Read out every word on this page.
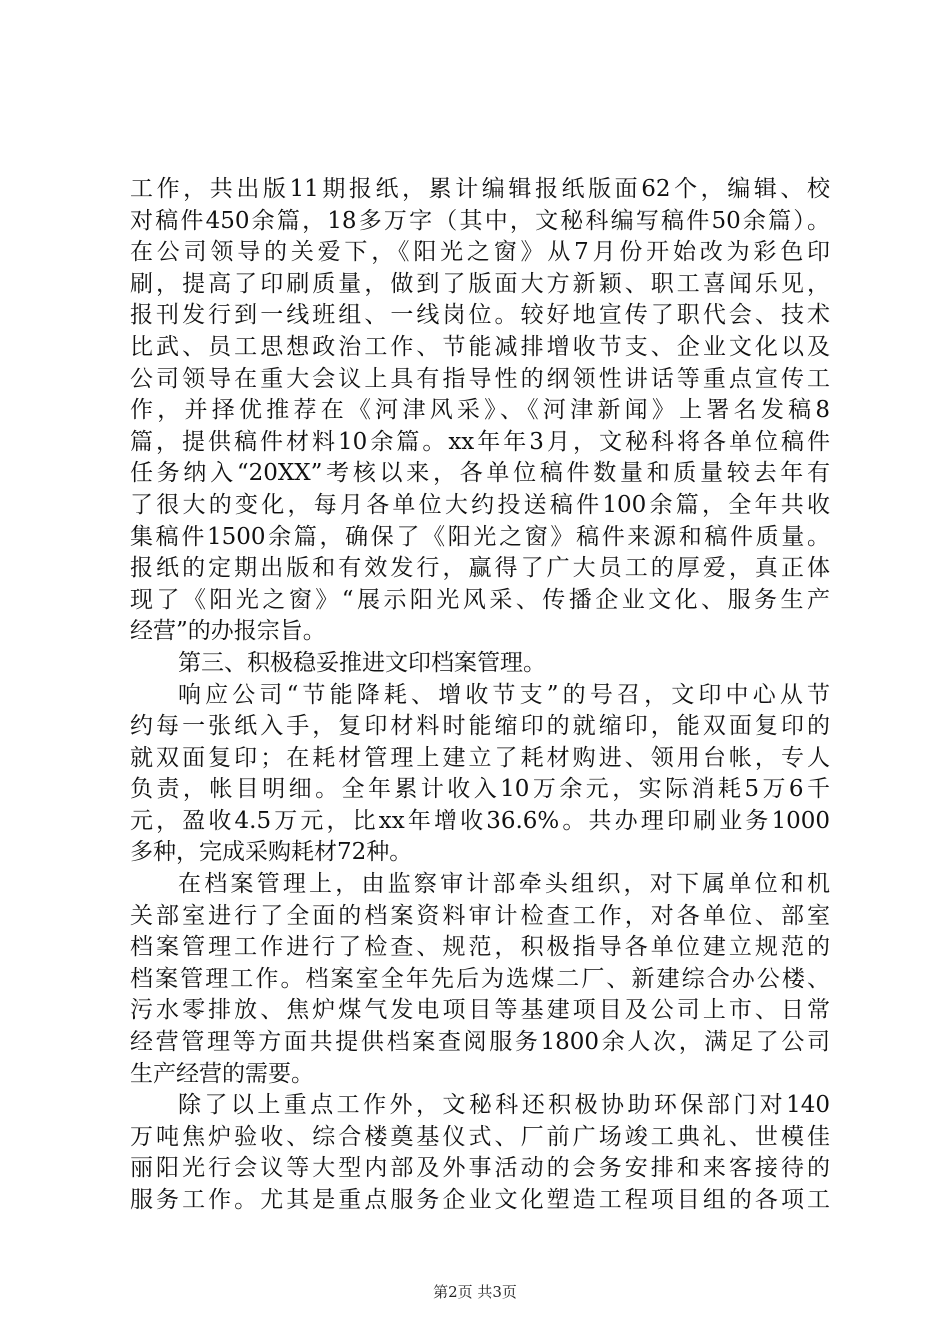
工作，共出版11期报纸，累计编辑报纸版面62个，编辑、校
对稿件450余篇，18多万字（其中，文秘科编写稿件50余篇）。
在公司领导的关爱下，《阳光之窗》从7月份开始改为彩色印
刷，提高了印刷质量，做到了版面大方新颖、职工喜闻乐见，
报刊发行到一线班组、一线岗位。较好地宣传了职代会、技术
比武、员工思想政治工作、节能减排增收节支、企业文化以及
公司领导在重大会议上具有指导性的纲领性讲话等重点宣传工
作，并择优推荐在《河津风采》、《河津新闻》上署名发稿8
篇，提供稿件材料10余篇。xx年年3月，文秘科将各单位稿件
任务纳入“20XX”考核以来，各单位稿件数量和质量较去年有
了很大的变化，每月各单位大约投送稿件100余篇，全年共收
集稿件1500余篇，确保了《阳光之窗》稿件来源和稿件质量。
报纸的定期出版和有效发行，赢得了广大员工的厚爱，真正体
现了《阳光之窗》“展示阳光风采、传播企业文化、服务生产
经营”的办报宗旨。
第三、积极稳妥推进文印档案管理。
响应公司“节能降耗、增收节支”的号召，文印中心从节
约每一张纸入手，复印材料时能缩印的就缩印，能双面复印的
就双面复印；在耗材管理上建立了耗材购进、领用台帐，专人
负责，帐目明细。全年累计收入10万余元，实际消耗5万6千
元，盈收4.5万元，比xx年增收36.6%。共办理印刷业务1000
多种，完成采购耗材72种。
在档案管理上，由监察审计部牵头组织，对下属单位和机
关部室进行了全面的档案资料审计检查工作，对各单位、部室
档案管理工作进行了检查、规范，积极指导各单位建立规范的
档案管理工作。档案室全年先后为选煤二厂、新建综合办公楼、
污水零排放、焦炉煤气发电项目等基建项目及公司上市、日常
经营管理等方面共提供档案查阅服务1800余人次，满足了公司
生产经营的需要。
除了以上重点工作外，文秘科还积极协助环保部门对140
万吨焦炉验收、综合楼奠基仪式、厂前广场竣工典礼、世模佳
丽阳光行会议等大型内部及外事活动的会务安排和来客接待的
服务工作。尤其是重点服务企业文化塑造工程项目组的各项工
第2页 共3页
